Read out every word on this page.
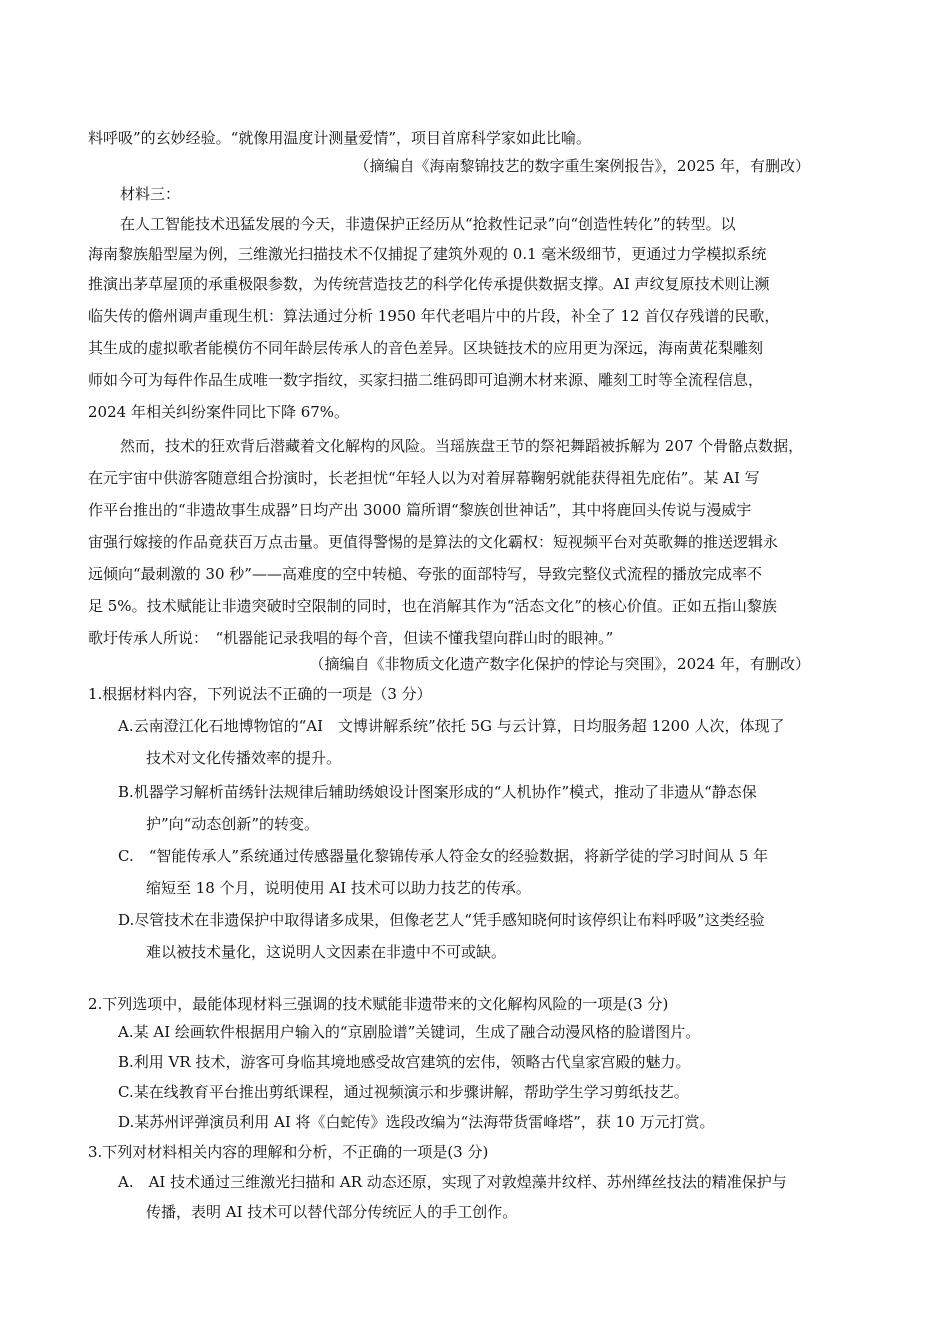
料呼吸”的玄妙经验。“就像用温度计测量爱情”，项目首席科学家如此比喻。
（摘编自《海南黎锦技艺的数字重生案例报告》，2025 年，有删改）
材料三：
在人工智能技术迅猛发展的今天，非遗保护正经历从“抢救性记录”向“创造性转化”的转型。以
海南黎族船型屋为例，三维激光扫描技术不仅捕捉了建筑外观的 0.1 毫米级细节，更通过力学模拟系统
推演出茅草屋顶的承重极限参数，为传统营造技艺的科学化传承提供数据支撑。AI 声纹复原技术则让濒
临失传的儋州调声重现生机：算法通过分析 1950 年代老唱片中的片段，补全了 12 首仅存残谱的民歌，
其生成的虚拟歌者能模仿不同年龄层传承人的音色差异。区块链技术的应用更为深远，海南黄花梨雕刻
师如今可为每件作品生成唯一数字指纹，买家扫描二维码即可追溯木材来源、雕刻工时等全流程信息，
2024 年相关纠纷案件同比下降 67%。
然而，技术的狂欢背后潜藏着文化解构的风险。当瑶族盘王节的祭祀舞蹈被拆解为 207 个骨骼点数据，
在元宇宙中供游客随意组合扮演时，长老担忧“年轻人以为对着屏幕鞠躬就能获得祖先庇佑”。某 AI 写
作平台推出的“非遗故事生成器”日均产出 3000 篇所谓“黎族创世神话”，其中将鹿回头传说与漫威宇
宙强行嫁接的作品竟获百万点击量。更值得警惕的是算法的文化霸权：短视频平台对英歌舞的推送逻辑永
远倾向“最刺激的 30 秒”——高难度的空中转槌、夸张的面部特写，导致完整仪式流程的播放完成率不
足 5%。技术赋能让非遗突破时空限制的同时，也在消解其作为“活态文化”的核心价值。正如五指山黎族
歌圩传承人所说：　“机器能记录我唱的每个音，但读不懂我望向群山时的眼神。”
（摘编自《非物质文化遗产数字化保护的悖论与突围》，2024 年，有删改）
1.根据材料内容，下列说法不正确的一项是（3 分）
A.云南澄江化石地博物馆的“AI　文博讲解系统”依托 5G 与云计算，日均服务超 1200 人次，体现了
技术对文化传播效率的提升。
B.机器学习解析苗绣针法规律后辅助绣娘设计图案形成的“人机协作”模式，推动了非遗从“静态保
护”向“动态创新”的转变。
C.　“智能传承人”系统通过传感器量化黎锦传承人符金女的经验数据，将新学徒的学习时间从 5 年
缩短至 18 个月，说明使用 AI 技术可以助力技艺的传承。
D.尽管技术在非遗保护中取得诸多成果，但像老艺人“凭手感知晓何时该停织让布料呼吸”这类经验
难以被技术量化，这说明人文因素在非遗中不可或缺。
2.下列选项中，最能体现材料三强调的技术赋能非遗带来的文化解构风险的一项是(3 分)
A.某 AI 绘画软件根据用户输入的“京剧脸谱”关键词，生成了融合动漫风格的脸谱图片。
B.利用 VR 技术，游客可身临其境地感受故宫建筑的宏伟，领略古代皇家宫殿的魅力。
C.某在线教育平台推出剪纸课程，通过视频演示和步骤讲解，帮助学生学习剪纸技艺。
D.某苏州评弹演员利用 AI 将《白蛇传》选段改编为“法海带货雷峰塔”，获 10 万元打赏。
3.下列对材料相关内容的理解和分析，不正确的一项是(3 分)
A.　AI 技术通过三维激光扫描和 AR 动态还原，实现了对敦煌藻井纹样、苏州缂丝技法的精准保护与
传播，表明 AI 技术可以替代部分传统匠人的手工创作。
